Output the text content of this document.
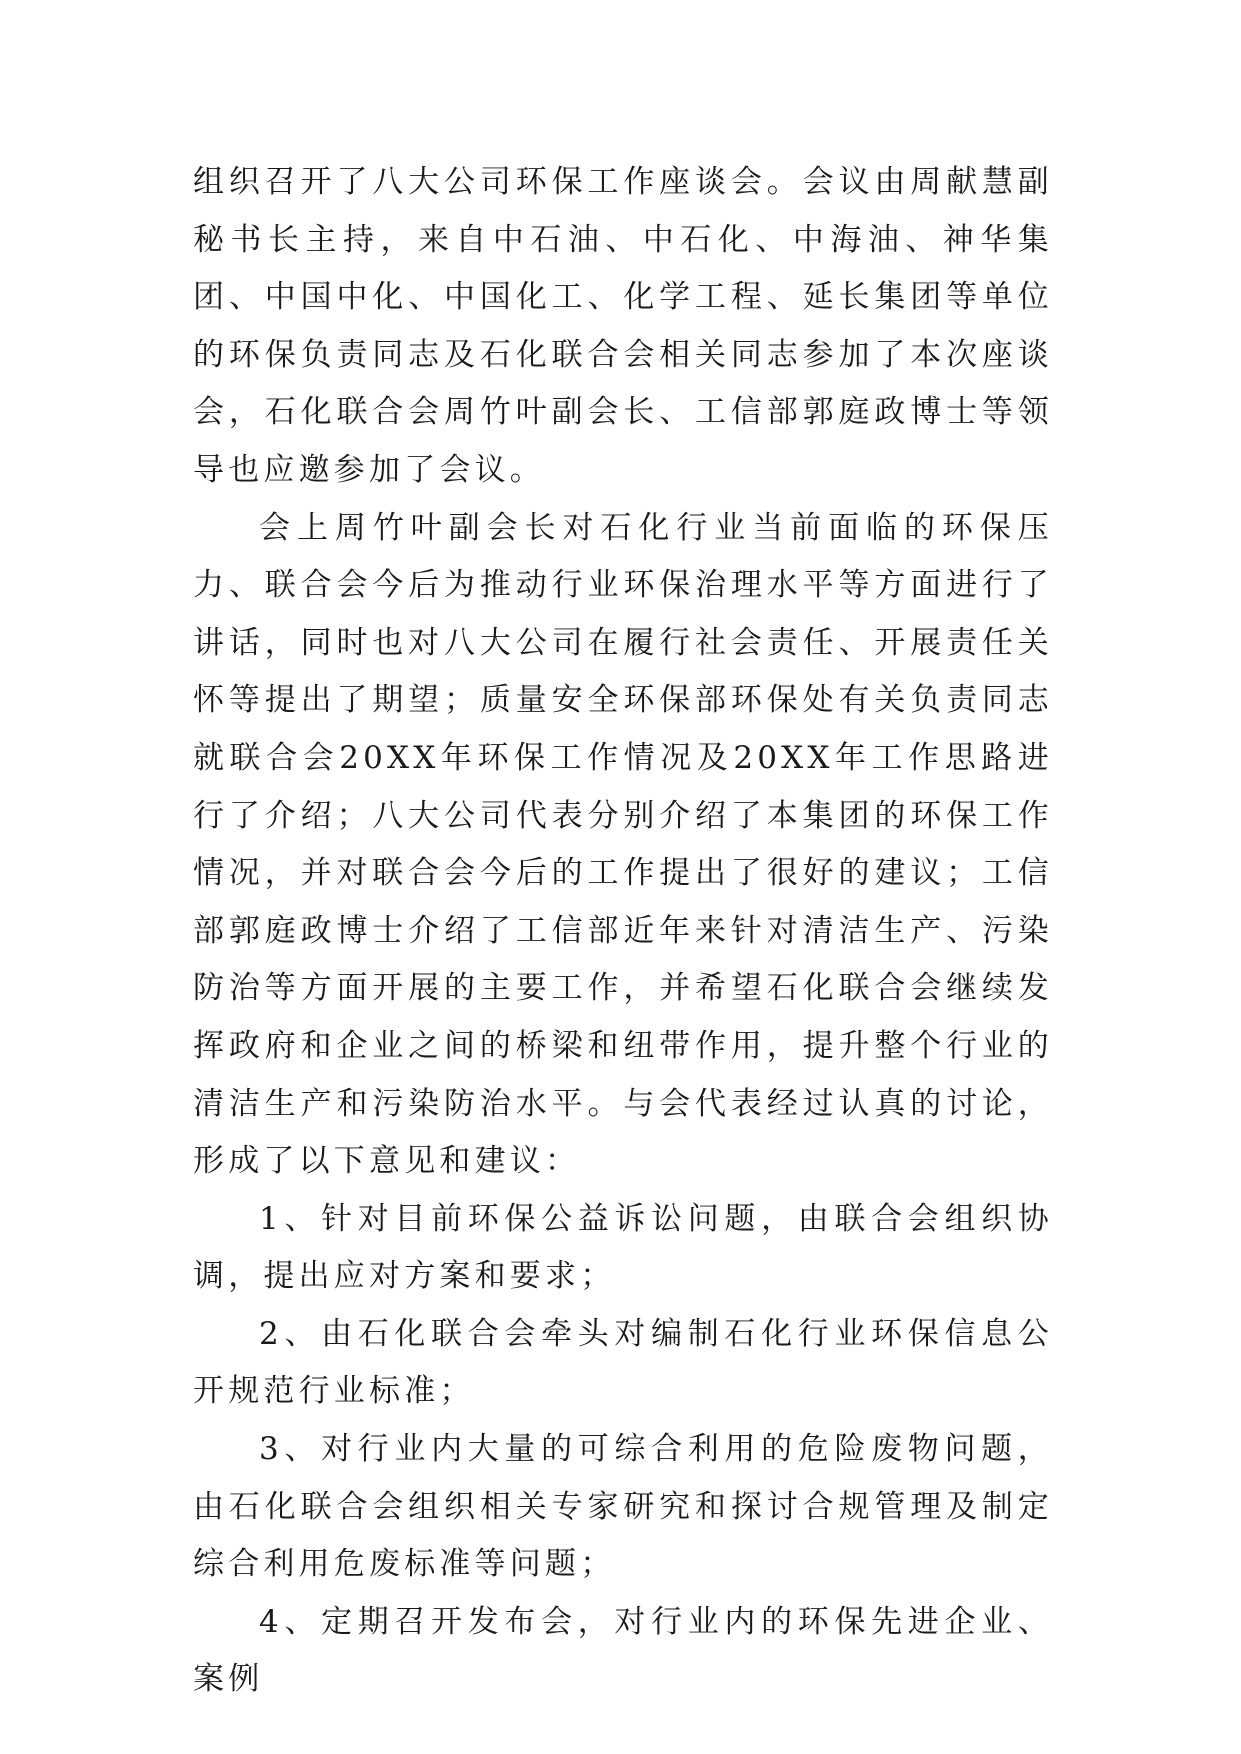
组织召开了八大公司环保工作座谈会。会议由周献慧副秘书长主持，来自中石油、中石化、中海油、神华集团、中国中化、中国化工、化学工程、延长集团等单位的环保负责同志及石化联合会相关同志参加了本次座谈会，石化联合会周竹叶副会长、工信部郭庭政博士等领导也应邀参加了会议。

会上周竹叶副会长对石化行业当前面临的环保压力、联合会今后为推动行业环保治理水平等方面进行了讲话，同时也对八大公司在履行社会责任、开展责任关怀等提出了期望；质量安全环保部环保处有关负责同志就联合会20XX年环保工作情况及20XX年工作思路进行了介绍；八大公司代表分别介绍了本集团的环保工作情况，并对联合会今后的工作提出了很好的建议；工信部郭庭政博士介绍了工信部近年来针对清洁生产、污染防治等方面开展的主要工作，并希望石化联合会继续发挥政府和企业之间的桥梁和纽带作用，提升整个行业的清洁生产和污染防治水平。与会代表经过认真的讨论，形成了以下意见和建议：

1、针对目前环保公益诉讼问题，由联合会组织协调，提出应对方案和要求；

2、由石化联合会牵头对编制石化行业环保信息公开规范行业标准；

3、对行业内大量的可综合利用的危险废物问题，由石化联合会组织相关专家研究和探讨合规管理及制定综合利用危废标准等问题；

4、定期召开发布会，对行业内的环保先进企业、案例
